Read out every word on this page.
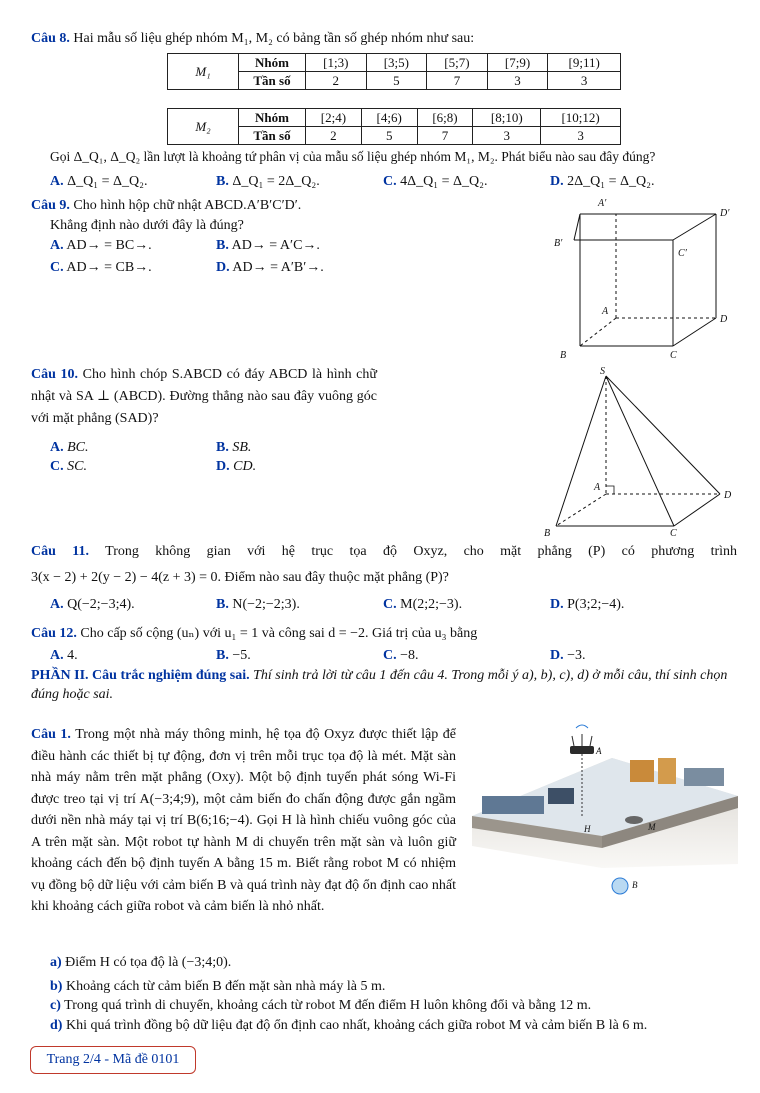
Câu 8. Hai mẫu số liệu ghép nhóm M₁, M₂ có bảng tần số ghép nhóm như sau:
M₁	Nhóm	[1;3)	[3;5)	[5;7)	[7;9)	[9;11)
	Tần số	2	5	7	3	3
M₂	Nhóm	[2;4)	[4;6)	[6;8)	[8;10)	[10;12)
	Tần số	2	5	7	3	3
Gọi Δ_Q₁, Δ_Q₂ lần lượt là khoảng tứ phân vị của mẫu số liệu ghép nhóm M₁, M₂. Phát biểu nào sau đây đúng?
A. Δ_Q₁ = Δ_Q₂.	B. Δ_Q₁ = 2Δ_Q₂.	C. 4Δ_Q₁ = Δ_Q₂.	D. 2Δ_Q₁ = Δ_Q₂.
Câu 9. Cho hình hộp chữ nhật ABCD.A′B′C′D′.
Khẳng định nào dưới đây là đúng?
A. AD→ = BC→.	B. AD→ = A′C→.
C. AD→ = CB→.	D. AD→ = A′B′→.
A′
D′
B′
C′
A
D
B	C
Câu 10. Cho hình chóp S.ABCD có đáy ABCD là hình chữ nhật và SA ⊥ (ABCD). Đường thẳng nào sau đây vuông góc với mặt phẳng (SAD)?
A. BC.	B. SB.
C. SC.	D. CD.
S
A
D
B	C
Câu 11. Trong không gian với hệ trục tọa độ Oxyz, cho mặt phẳng (P) có phương trình
3(x − 2) + 2(y − 2) − 4(z + 3) = 0. Điểm nào sau đây thuộc mặt phẳng (P)?
A. Q(−2;−3;4).	B. N(−2;−2;3).	C. M(2;2;−3).	D. P(3;2;−4).
Câu 12. Cho cấp số cộng (uₙ) với u₁ = 1 và công sai d = −2. Giá trị của u₃ bằng
A. 4.	B. −5.	C. −8.	D. −3.
PHẦN II. Câu trắc nghiệm đúng sai. Thí sinh trả lời từ câu 1 đến câu 4. Trong mỗi ý a), b), c), d) ở mỗi câu, thí sinh chọn đúng hoặc sai.
Câu 1. Trong một nhà máy thông minh, hệ tọa độ Oxyz được thiết lập để điều hành các thiết bị tự động, đơn vị trên mỗi trục tọa độ là mét. Mặt sàn nhà máy nằm trên mặt phẳng (Oxy). Một bộ định tuyến phát sóng Wi-Fi được treo tại vị trí A(−3;4;9), một cảm biến đo chấn động được gắn ngầm dưới nền nhà máy tại vị trí B(6;16;−4). Gọi H là hình chiếu vuông góc của A trên mặt sàn. Một robot tự hành M di chuyển trên mặt sàn và luôn giữ khoảng cách đến bộ định tuyến A bằng 15 m. Biết rằng robot M có nhiệm vụ đồng bộ dữ liệu với cảm biến B và quá trình này đạt độ ổn định cao nhất khi khoảng cách giữa robot và cảm biến là nhỏ nhất.
A
H	M
B
a) Điểm H có tọa độ là (−3;4;0).
b) Khoảng cách từ cảm biến B đến mặt sàn nhà máy là 5 m.
c) Trong quá trình di chuyển, khoảng cách từ robot M đến điểm H luôn không đổi và bằng 12 m.
d) Khi quá trình đồng bộ dữ liệu đạt độ ổn định cao nhất, khoảng cách giữa robot M và cảm biến B là 6 m.
Trang 2/4 - Mã đề 0101
